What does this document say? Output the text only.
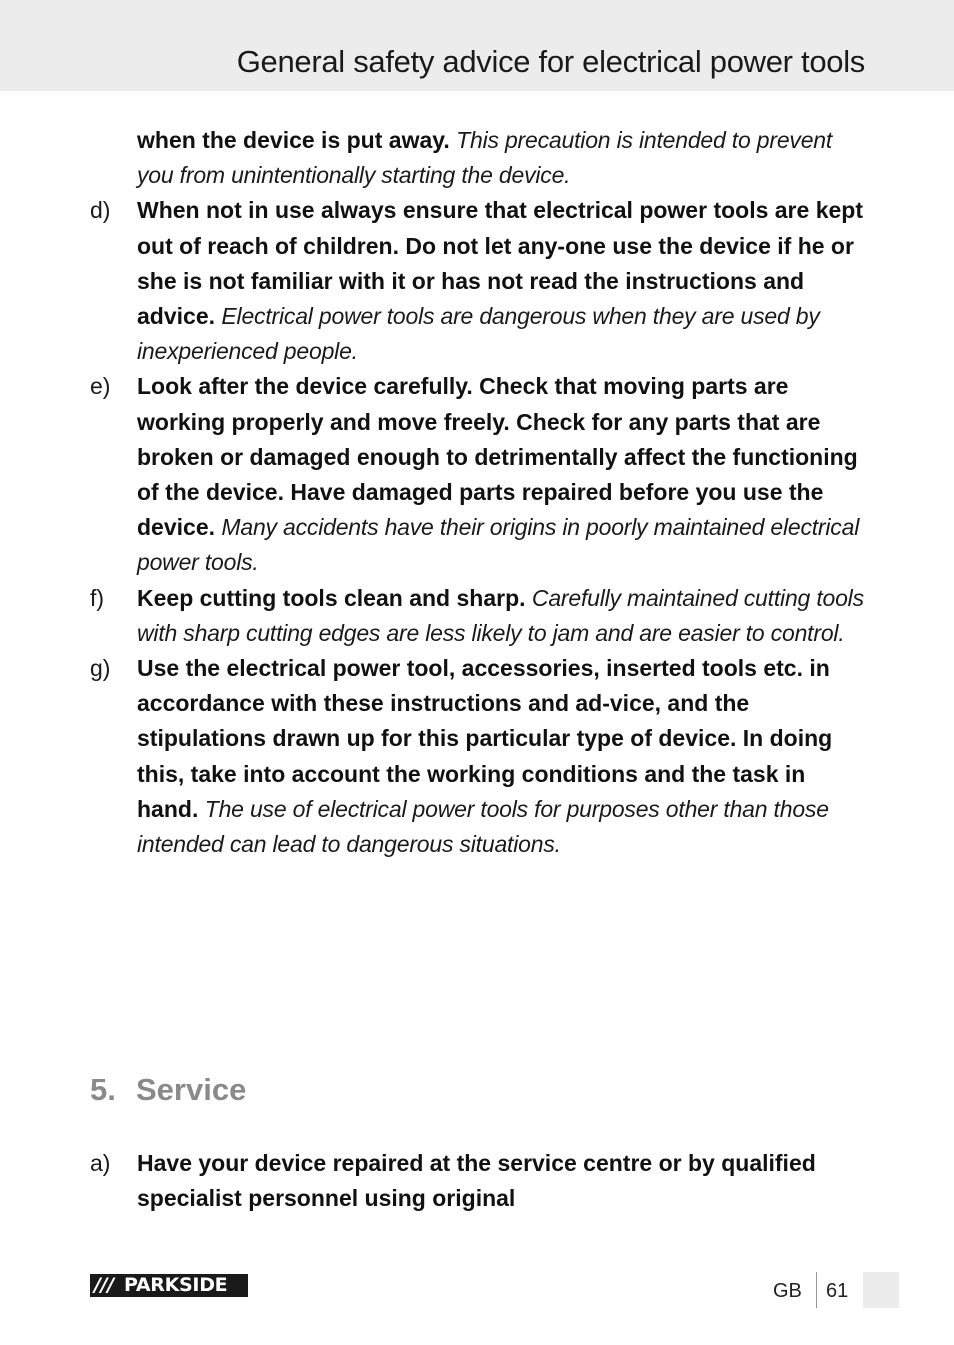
General safety advice for electrical power tools
when the device is put away. This precaution is intended to prevent you from unintentionally starting the device.
d) When not in use always ensure that electrical power tools are kept out of reach of children. Do not let any-one use the device if he or she is not familiar with it or has not read the instructions and advice. Electrical power tools are dangerous when they are used by inexperienced people.
e) Look after the device carefully. Check that moving parts are working properly and move freely. Check for any parts that are broken or damaged enough to detrimentally affect the functioning of the device. Have damaged parts repaired before you use the device. Many accidents have their origins in poorly maintained electrical power tools.
f) Keep cutting tools clean and sharp. Carefully maintained cutting tools with sharp cutting edges are less likely to jam and are easier to control.
g) Use the electrical power tool, accessories, inserted tools etc. in accordance with these instructions and ad-vice, and the stipulations drawn up for this particular type of device. In doing this, take into account the working conditions and the task in hand. The use of electrical power tools for purposes other than those intended can lead to dangerous situations.
5. Service
a) Have your device repaired at the service centre or by qualified specialist personnel using original
/// PARKSIDE	GB 61
